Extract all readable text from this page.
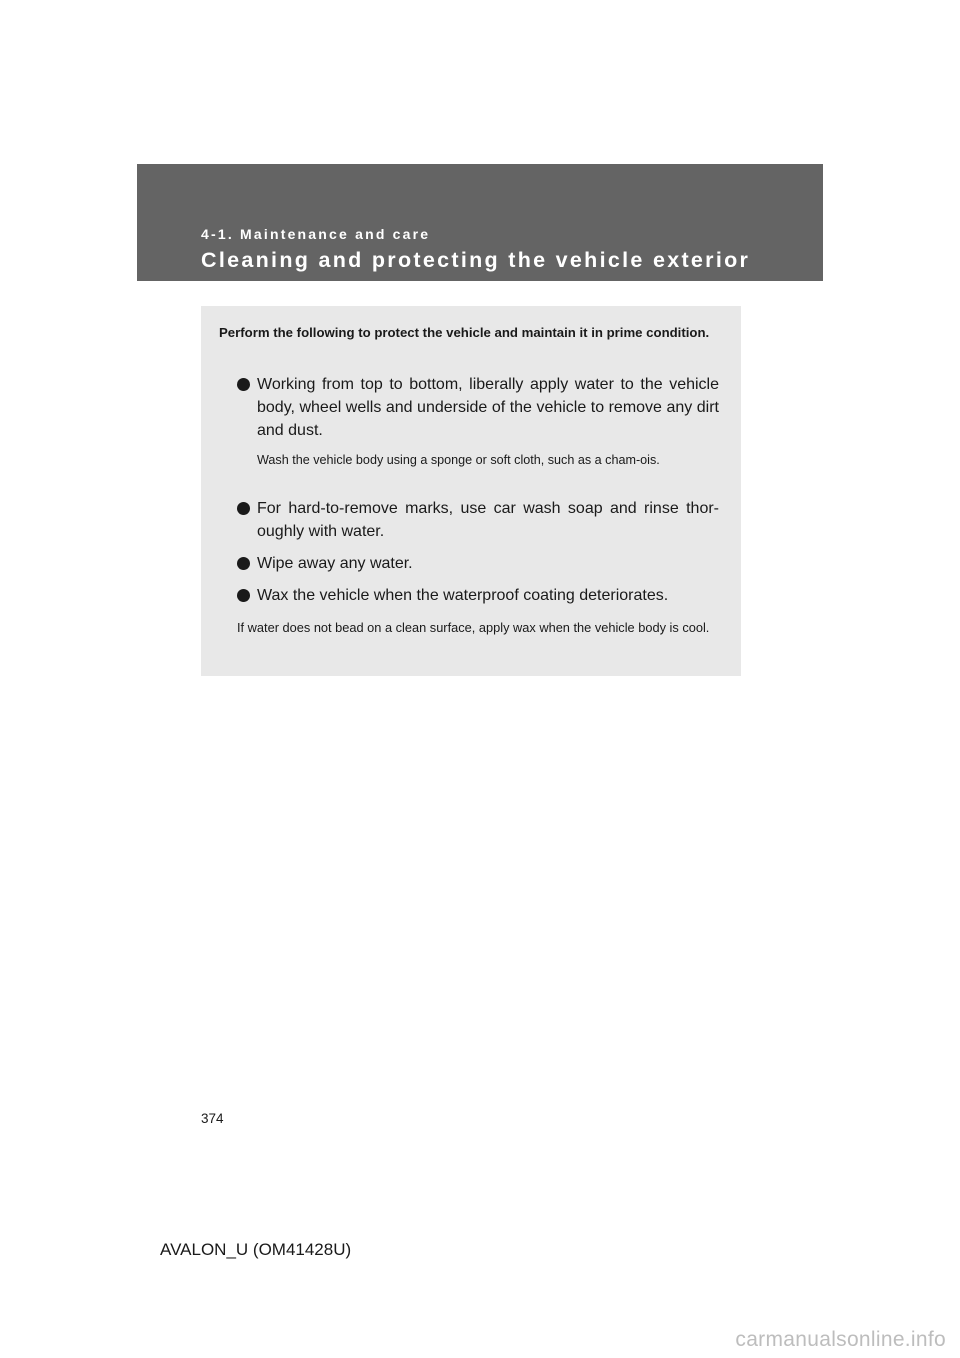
4-1. Maintenance and care
Cleaning and protecting the vehicle exterior
Perform the following to protect the vehicle and maintain it in prime condition.
Working from top to bottom, liberally apply water to the vehicle body, wheel wells and underside of the vehicle to remove any dirt and dust.
Wash the vehicle body using a sponge or soft cloth, such as a cham-ois.
For hard-to-remove marks, use car wash soap and rinse thor-oughly with water.
Wipe away any water.
Wax the vehicle when the waterproof coating deteriorates.
If water does not bead on a clean surface, apply wax when the vehicle body is cool.
374
AVALON_U (OM41428U)
carmanualsonline.info
